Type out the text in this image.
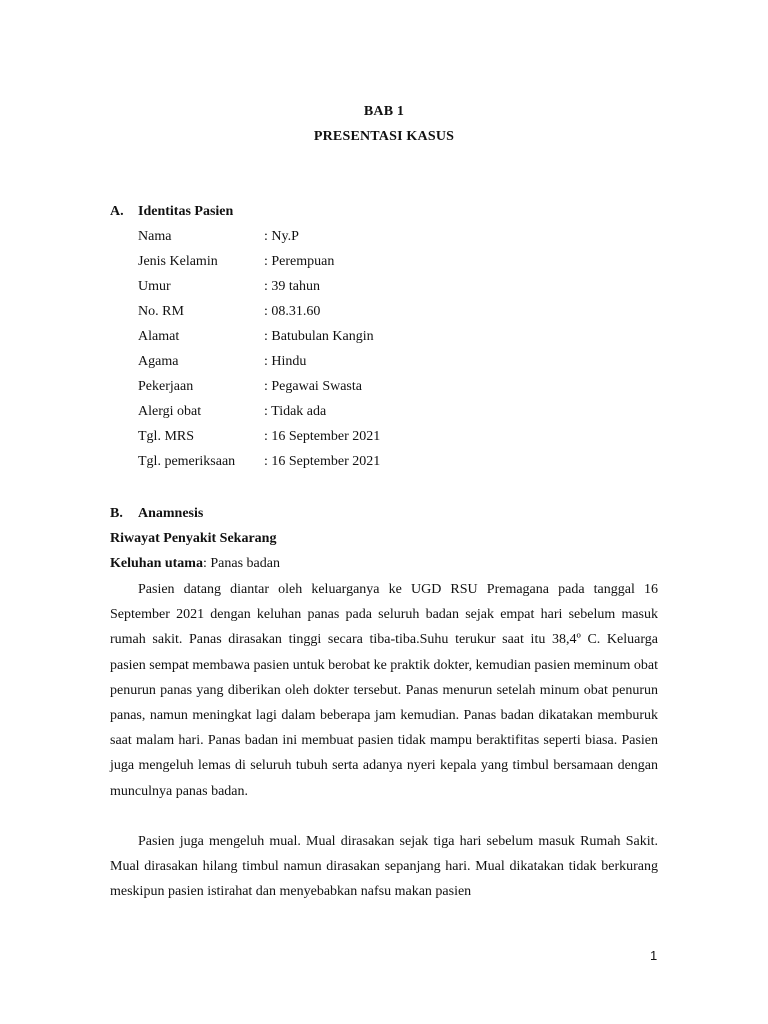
BAB 1
PRESENTASI KASUS
A. Identitas Pasien
Nama	: Ny.P
Jenis Kelamin	: Perempuan
Umur	: 39 tahun
No. RM	: 08.31.60
Alamat	: Batubulan Kangin
Agama	: Hindu
Pekerjaan	: Pegawai Swasta
Alergi obat	: Tidak ada
Tgl. MRS	: 16 September 2021
Tgl. pemeriksaan : 16 September 2021
B. Anamnesis
Riwayat Penyakit Sekarang
Keluhan utama: Panas badan

Pasien datang diantar oleh keluarganya ke UGD RSU Premagana pada tanggal 16 September 2021 dengan keluhan panas pada seluruh badan sejak empat hari sebelum masuk rumah sakit. Panas dirasakan tinggi secara tiba-tiba.Suhu terukur saat itu 38,4º C. Keluarga pasien sempat membawa pasien untuk berobat ke praktik dokter, kemudian pasien meminum obat penurun panas yang diberikan oleh dokter tersebut. Panas menurun setelah minum obat penurun panas, namun meningkat lagi dalam beberapa jam kemudian. Panas badan dikatakan memburuk saat malam hari. Panas badan ini membuat pasien tidak mampu beraktifitas seperti biasa. Pasien juga mengeluh lemas di seluruh tubuh serta adanya nyeri kepala yang timbul bersamaan dengan munculnya panas badan.

Pasien juga mengeluh mual. Mual dirasakan sejak tiga hari sebelum masuk Rumah Sakit. Mual dirasakan hilang timbul namun dirasakan sepanjang hari. Mual dikatakan tidak berkurang meskipun pasien istirahat dan menyebabkan nafsu makan pasien

1
